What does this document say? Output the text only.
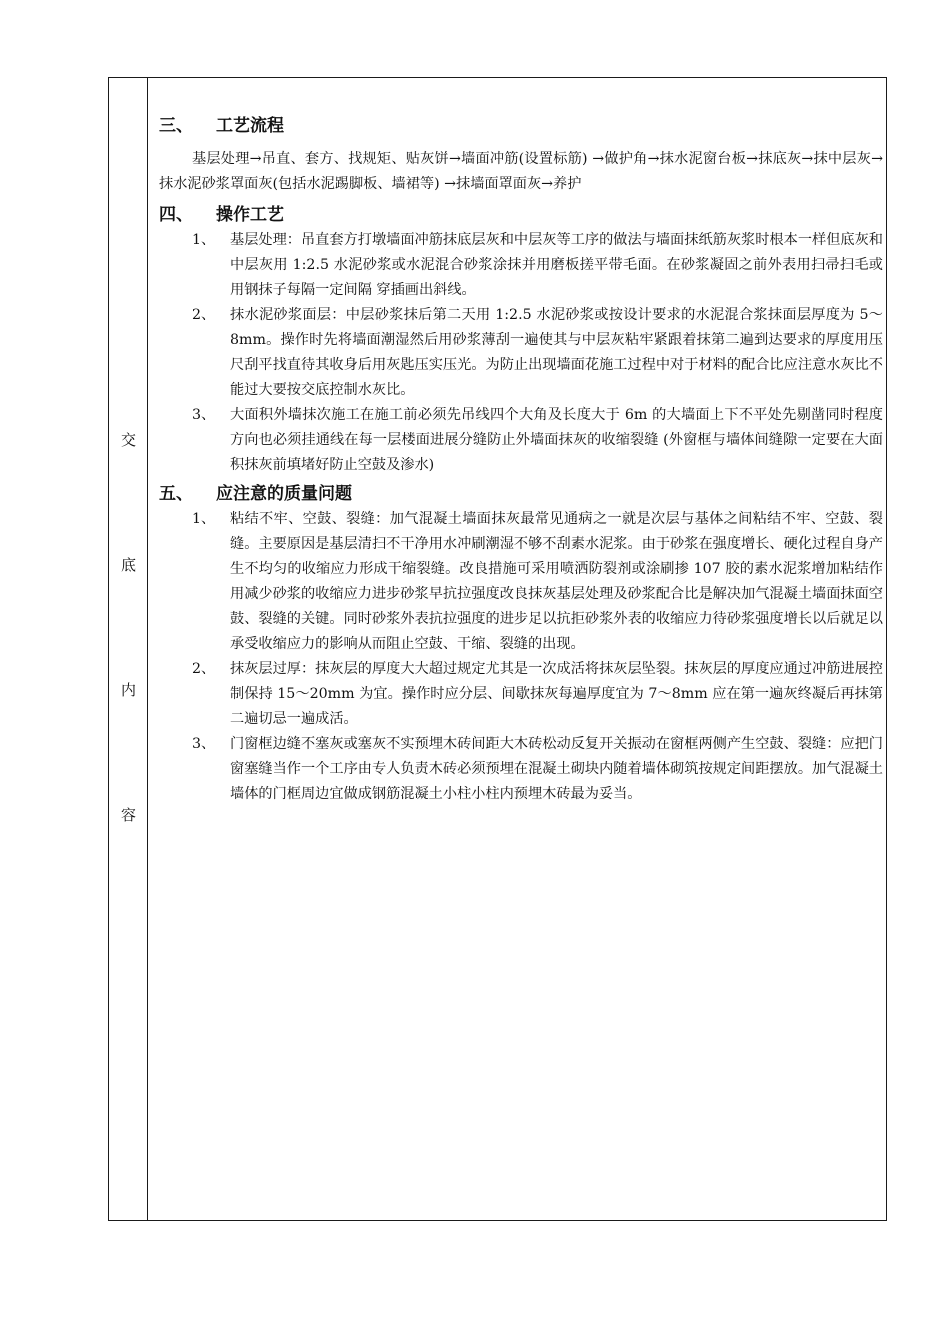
交
底
内
容
三、 工艺流程

基层处理→吊直、套方、找规矩、贴灰饼→墙面冲筋(设置标筋) →做护角→抹水泥窗台板→抹底灰→抹中层灰→抹水泥砂浆罩面灰(包括水泥踢脚板、墙裙等) →抹墙面罩面灰→养护

四、 操作工艺
1、 基层处理：吊直套方打墩墙面冲筋抹底层灰和中层灰等工序的做法与墙面抹纸筋灰浆时根本一样但底灰和中层灰用 1:2.5 水泥砂浆或水泥混合砂浆涂抹并用磨板搓平带毛面。在砂浆凝固之前外表用扫帚扫毛或用钢抹子每隔一定间隔 穿插画出斜线。
2、 抹水泥砂浆面层：中层砂浆抹后第二天用 1:2.5 水泥砂浆或按设计要求的水泥混合浆抹面层厚度为 5～8mm。操作时先将墙面潮湿然后用砂浆薄刮一遍使其与中层灰粘牢紧跟着抹第二遍到达要求的厚度用压尺刮平找直待其收身后用灰匙压实压光。为防止出现墙面花施工过程中对于材料的配合比应注意水灰比不能过大要按交底控制水灰比。
3、 大面积外墙抹次施工在施工前必须先吊线四个大角及长度大于 6m 的大墙面上下不平处先剔凿同时程度方向也必须挂通线在每一层楼面进展分缝防止外墙面抹灰的收缩裂缝 (外窗框与墙体间缝隙一定要在大面积抹灰前填堵好防止空鼓及渗水)
五、 应注意的质量问题
1、 粘结不牢、空鼓、裂缝：加气混凝土墙面抹灰最常见通病之一就是次层与基体之间粘结不牢、空鼓、裂缝。主要原因是基层清扫不干净用水冲刷潮湿不够不刮素水泥浆。由于砂浆在强度增长、硬化过程自身产生不均匀的收缩应力形成干缩裂缝。改良措施可采用喷洒防裂剂或涂刷掺 107 胶的素水泥浆增加粘结作用减少砂浆的收缩应力进步砂浆早抗拉强度改良抹灰基层处理及砂浆配合比是解决加气混凝土墙面抹面空鼓、裂缝的关键。同时砂浆外表抗拉强度的进步足以抗拒砂浆外表的收缩应力待砂浆强度增长以后就足以承受收缩应力的影响从而阻止空鼓、干缩、裂缝的出现。
2、 抹灰层过厚：抹灰层的厚度大大超过规定尤其是一次成活将抹灰层坠裂。抹灰层的厚度应通过冲筋进展控制保持 15～20mm 为宜。操作时应分层、间歇抹灰每遍厚度宜为 7～8mm 应在第一遍灰终凝后再抹第二遍切忌一遍成活。
3、 门窗框边缝不塞灰或塞灰不实预埋木砖间距大木砖松动反复开关振动在窗框两侧产生空鼓、裂缝：应把门窗塞缝当作一个工序由专人负责木砖必须预埋在混凝土砌块内随着墙体砌筑按规定间距摆放。加气混凝土墙体的门框周边宜做成钢筋混凝土小柱小柱内预埋木砖最为妥当。
